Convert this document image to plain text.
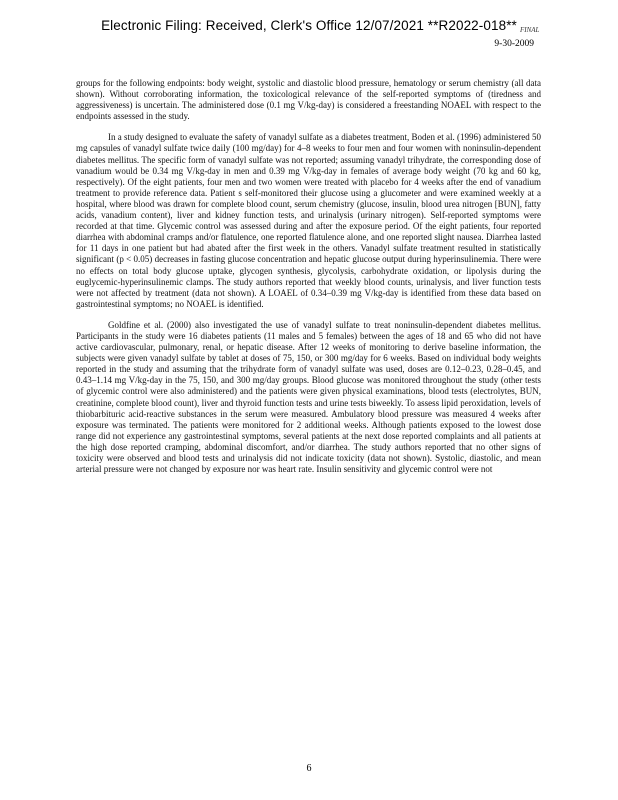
Electronic Filing: Received, Clerk's Office 12/07/2021 **R2022-018** FINAL
9-30-2009

groups for the following endpoints: body weight, systolic and diastolic blood pressure, hematology or serum chemistry (all data shown). Without corroborating information, the toxicological relevance of the self-reported symptoms of (tiredness and aggressiveness) is uncertain. The administered dose (0.1 mg V/kg-day) is considered a freestanding NOAEL with respect to the endpoints assessed in the study.

In a study designed to evaluate the safety of vanadyl sulfate as a diabetes treatment, Boden et al. (1996) administered 50 mg capsules of vanadyl sulfate twice daily (100 mg/day) for 4–8 weeks to four men and four women with noninsulin-dependent diabetes mellitus. The specific form of vanadyl sulfate was not reported; assuming vanadyl trihydrate, the corresponding dose of vanadium would be 0.34 mg V/kg-day in men and 0.39 mg V/kg-day in females of average body weight (70 kg and 60 kg, respectively). Of the eight patients, four men and two women were treated with placebo for 4 weeks after the end of vanadium treatment to provide reference data. Patient s self-monitored their glucose using a glucometer and were examined weekly at a hospital, where blood was drawn for complete blood count, serum chemistry (glucose, insulin, blood urea nitrogen [BUN], fatty acids, vanadium content), liver and kidney function tests, and urinalysis (urinary nitrogen). Self-reported symptoms were recorded at that time. Glycemic control was assessed during and after the exposure period. Of the eight patients, four reported diarrhea with abdominal cramps and/or flatulence, one reported flatulence alone, and one reported slight nausea. Diarrhea lasted for 11 days in one patient but had abated after the first week in the others. Vanadyl sulfate treatment resulted in statistically significant (p < 0.05) decreases in fasting glucose concentration and hepatic glucose output during hyperinsulinemia. There were no effects on total body glucose uptake, glycogen synthesis, glycolysis, carbohydrate oxidation, or lipolysis during the euglycemic-hyperinsulinemic clamps. The study authors reported that weekly blood counts, urinalysis, and liver function tests were not affected by treatment (data not shown). A LOAEL of 0.34–0.39 mg V/kg-day is identified from these data based on gastrointestinal symptoms; no NOAEL is identified.

Goldfine et al. (2000) also investigated the use of vanadyl sulfate to treat noninsulin-dependent diabetes mellitus. Participants in the study were 16 diabetes patients (11 males and 5 females) between the ages of 18 and 65 who did not have active cardiovascular, pulmonary, renal, or hepatic disease. After 12 weeks of monitoring to derive baseline information, the subjects were given vanadyl sulfate by tablet at doses of 75, 150, or 300 mg/day for 6 weeks. Based on individual body weights reported in the study and assuming that the trihydrate form of vanadyl sulfate was used, doses are 0.12–0.23, 0.28–0.45, and 0.43–1.14 mg V/kg-day in the 75, 150, and 300 mg/day groups. Blood glucose was monitored throughout the study (other tests of glycemic control were also administered) and the patients were given physical examinations, blood tests (electrolytes, BUN, creatinine, complete blood count), liver and thyroid function tests and urine tests biweekly. To assess lipid peroxidation, levels of thiobarbituric acid-reactive substances in the serum were measured. Ambulatory blood pressure was measured 4 weeks after exposure was terminated. The patients were monitored for 2 additional weeks. Although patients exposed to the lowest dose range did not experience any gastrointestinal symptoms, several patients at the next dose reported complaints and all patients at the high dose reported cramping, abdominal discomfort, and/or diarrhea. The study authors reported that no other signs of toxicity were observed and blood tests and urinalysis did not indicate toxicity (data not shown). Systolic, diastolic, and mean arterial pressure were not changed by exposure nor was heart rate. Insulin sensitivity and glycemic control were not

6
